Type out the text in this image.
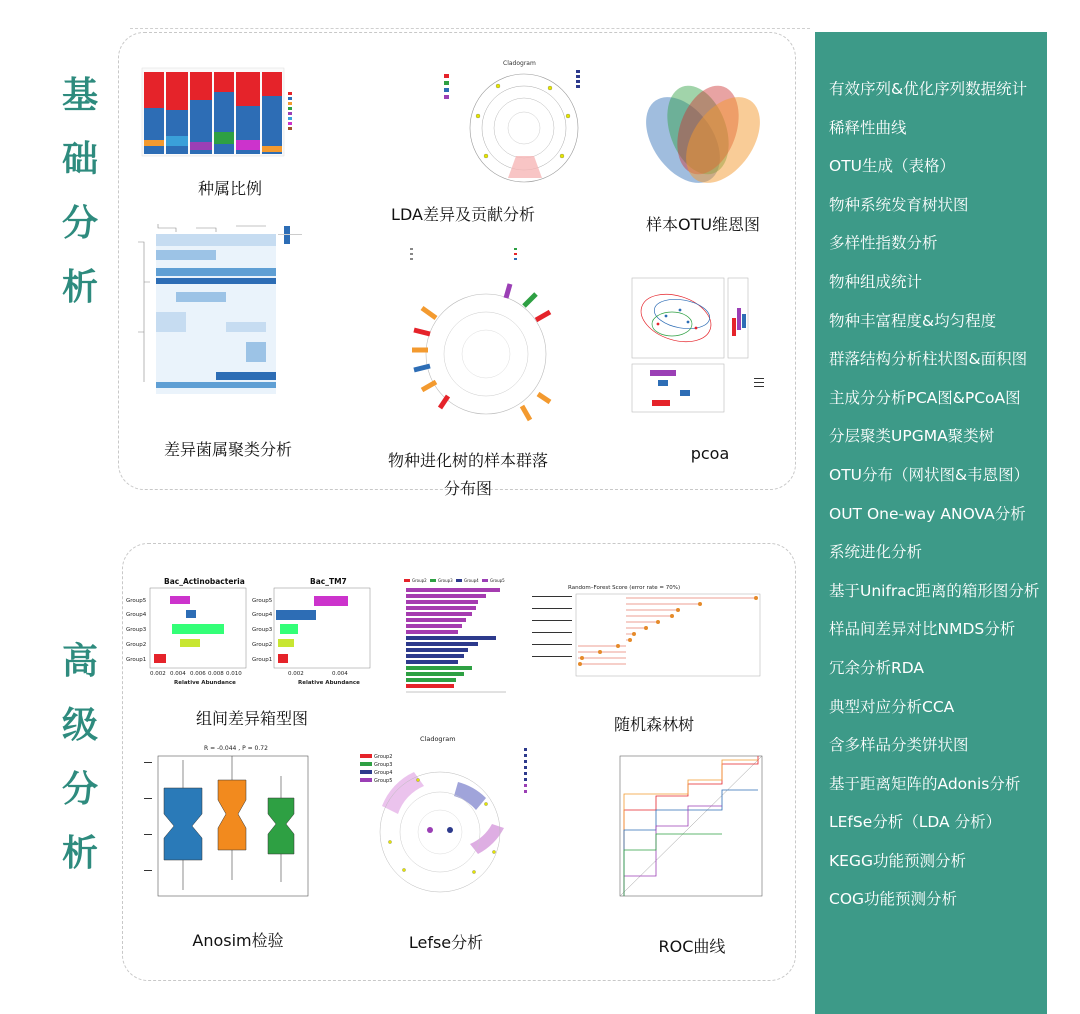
基
础
分
析
种属比例
Cladogram
LDA差异及贡献分析
样本OTU维恩图
差异菌属聚类分析
物种进化树的样本群落
分布图
pcoa
高
级
分
析
Bac_Actinobacteria	Bac_TM7
Group5
Group4
Group3
Group2
Group1
Group5
Group4
Group3
Group2
Group1
0.002 0.004 0.006 0.008 0.010	0.002	0.004
Relative Abundance	Relative Abundance
组间差异箱型图
Group2	Group3	Group4	Group5
Random–Forest Score (error rate = 70%)
随机森林树
R = -0.044 , P = 0.72
Anosim检验
Cladogram
Group2
Group3
Group4
Group5
Lefse分析	ROC曲线
有效序列&优化序列数据统计
稀释性曲线
OTU生成（表格）
物种系统发育树状图
多样性指数分析
物种组成统计
物种丰富程度&均匀程度
群落结构分析柱状图&面积图
主成分分析PCA图&PCoA图
分层聚类UPGMA聚类树
OTU分布（网状图&韦恩图）
OUT One-way ANOVA分析
系统进化分析
基于Unifrac距离的箱形图分析
样品间差异对比NMDS分析
冗余分析RDA
典型对应分析CCA
含多样品分类饼状图
基于距离矩阵的Adonis分析
LEfSe分析（LDA 分析）
KEGG功能预测分析
COG功能预测分析
